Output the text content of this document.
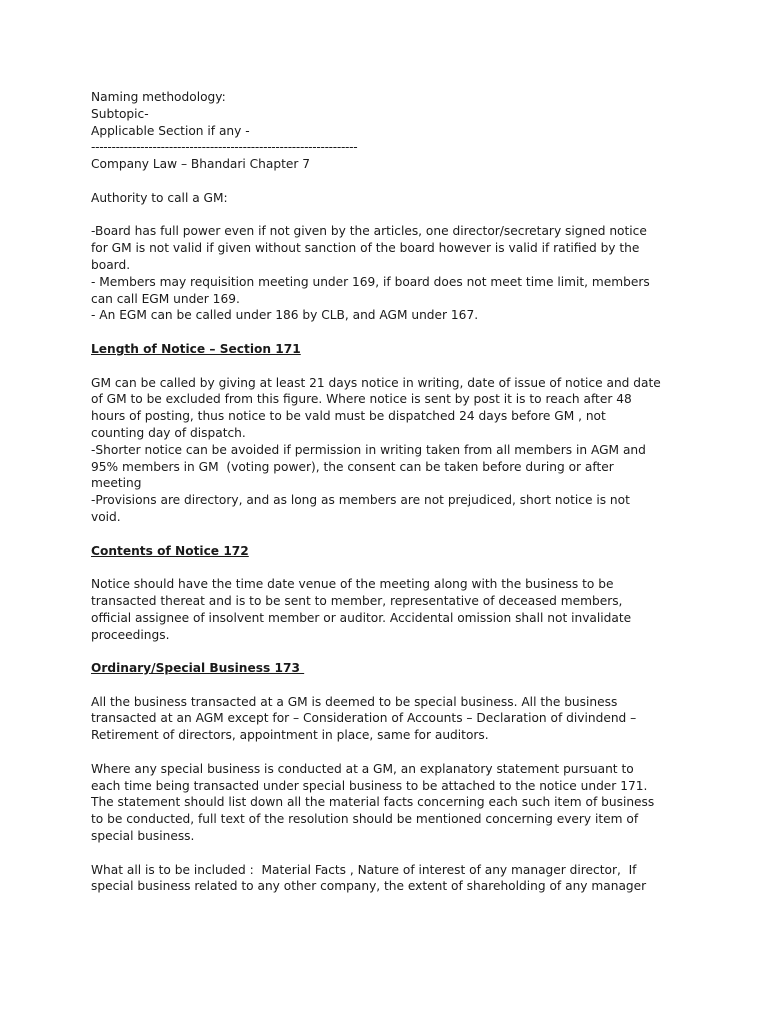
Naming methodology:

Subtopic-

Applicable Section if any -

-----------------------------------------------------------------

Company Law – Bhandari Chapter 7

Authority to call a GM:

-Board has full power even if not given by the articles, one director/secretary signed notice

for GM is not valid if given without sanction of the board however is valid if ratified by the

board.

- Members may requisition meeting under 169, if board does not meet time limit, members

can call EGM under 169.

- An EGM can be called under 186 by CLB, and AGM under 167.

Length of Notice – Section 171

GM can be called by giving at least 21 days notice in writing, date of issue of notice and date

of GM to be excluded from this figure. Where notice is sent by post it is to reach after 48

hours of posting, thus notice to be vald must be dispatched 24 days before GM , not

counting day of dispatch.

-Shorter notice can be avoided if permission in writing taken from all members in AGM and

95% members in GM  (voting power), the consent can be taken before during or after

meeting

-Provisions are directory, and as long as members are not prejudiced, short notice is not

void.

Contents of Notice 172

Notice should have the time date venue of the meeting along with the business to be

transacted thereat and is to be sent to member, representative of deceased members,

official assignee of insolvent member or auditor. Accidental omission shall not invalidate

proceedings.

Ordinary/Special Business 173

All the business transacted at a GM is deemed to be special business. All the business

transacted at an AGM except for – Consideration of Accounts – Declaration of divindend –

Retirement of directors, appointment in place, same for auditors.

Where any special business is conducted at a GM, an explanatory statement pursuant to

each time being transacted under special business to be attached to the notice under 171.

The statement should list down all the material facts concerning each such item of business

to be conducted, full text of the resolution should be mentioned concerning every item of

special business.

What all is to be included :  Material Facts , Nature of interest of any manager director,  If

special business related to any other company, the extent of shareholding of any manager
